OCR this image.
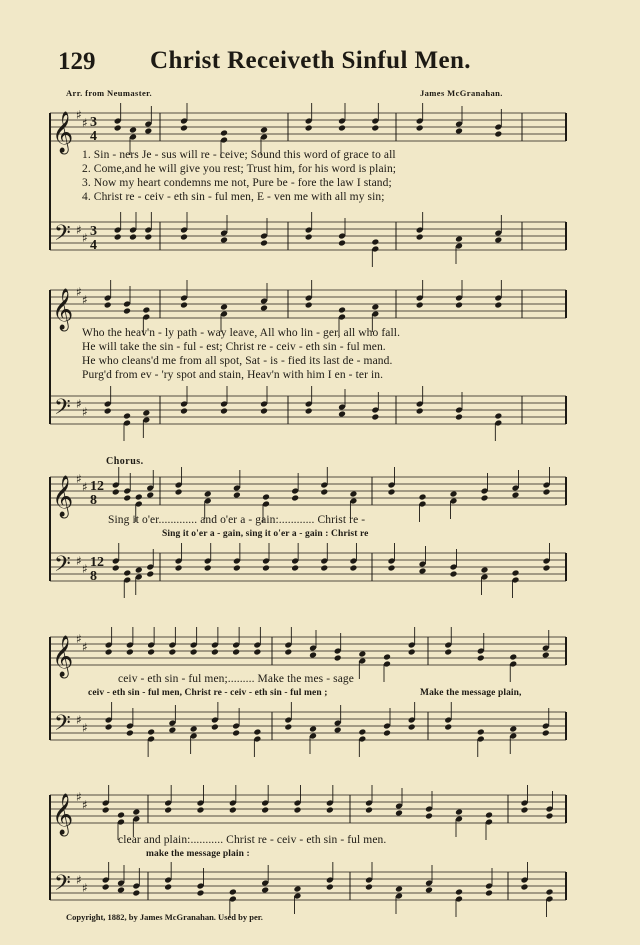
129 Christ Receiveth Sinful Men.
Arr. from Neumaster.	James McGranahan.
𝄞
𝄢
♯
♯
♯
♯
3
4
3
4
𝄞
𝄢
♯
♯
♯
♯
𝄞
𝄢
♯
♯
♯
♯
12
8
12
8
𝄞
𝄢
♯
♯
♯
♯
𝄞
𝄢
♯
♯
♯
♯
1. Sin - ners Je - sus will re - ceive; Sound this word of grace to all
2. Come,and he will give you rest; Trust him, for his word is plain;
3. Now my heart condemns me not, Pure be - fore the law I stand;
4. Christ re - ceiv - eth sin - ful men, E - ven me with all my sin;
Who the heav'n - ly path - way leave, All who lin - ger, all who fall.
He will take the sin - ful - est; Christ re - ceiv - eth sin - ful men.
He who cleans'd me from all spot, Sat - is - fied its last de - mand.
Purg'd from ev - 'ry spot and stain, Heav'n with him I en - ter in.
Chorus.
Sing it o'er............. and o'er a - gain:............ Christ re -
Sing it o'er a - gain, sing it o'er a - gain : Christ re
ceiv - eth sin - ful men;......... Make the mes - sage
ceiv - eth sin - ful men, Christ re - ceiv - eth sin - ful men ;	Make the message plain,
clear and plain:........... Christ re - ceiv - eth sin - ful men.
make the message plain :
Copyright, 1882, by James McGranahan. Used by per.
